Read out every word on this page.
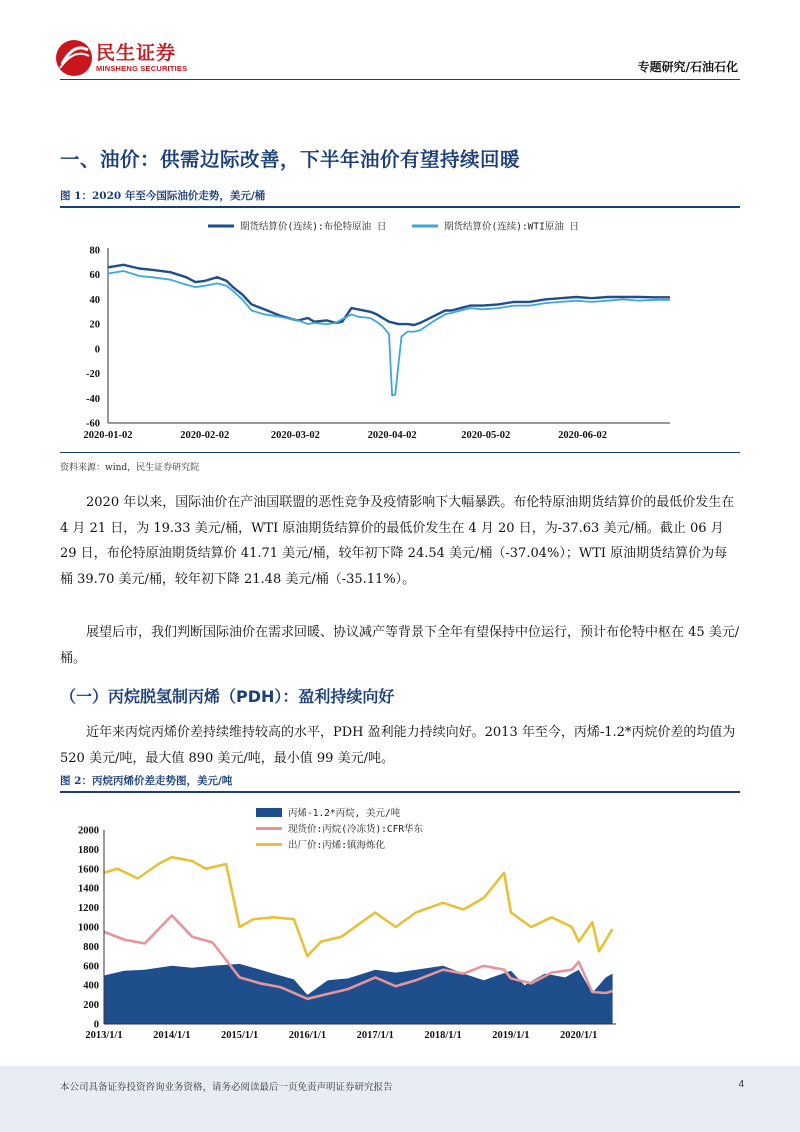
民生证券
MINSHENG SECURITIES	专题研究/石油石化
一、油价：供需边际改善，下半年油价有望持续回暖
图 1：2020 年至今国际油价走势，美元/桶
期货结算价(连续):布伦特原油 日	期货结算价(连续):WTI原油 日
80
60
40
20
0
-20
-40
-60
2020-01-02	2020-02-02	2020-03-02	2020-04-02	2020-05-02	2020-06-02
资料来源：wind，民生证券研究院
2020 年以来，国际油价在产油国联盟的恶性竞争及疫情影响下大幅暴跌。布伦特原油期货结算价的最低价发生在 4 月 21 日，为 19.33 美元/桶，WTI 原油期货结算价的最低价发生在 4 月 20 日，为-37.63 美元/桶。截止 06 月 29 日，布伦特原油期货结算价 41.71 美元/桶，较年初下降 24.54 美元/桶（-37.04%）；WTI 原油期货结算价为每桶 39.70 美元/桶，较年初下降 21.48 美元/桶（-35.11%）。
展望后市，我们判断国际油价在需求回暖、协议减产等背景下全年有望保持中位运行，预计布伦特中枢在 45 美元/桶。
（一）丙烷脱氢制丙烯（PDH）：盈利持续向好
近年来丙烷丙烯价差持续维持较高的水平，PDH 盈利能力持续向好。2013 年至今，丙烯-1.2*丙烷价差的均值为 520 美元/吨，最大值 890 美元/吨，最小值 99 美元/吨。
图 2：丙烷丙烯价差走势图，美元/吨
2000
1800
1600
1400
1200
1000
800
600
400
200
0
2013/1/1	2014/1/1	2015/1/1	2016/1/1	2017/1/1	2018/1/1	2019/1/1	2020/1/1
丙烯-1.2*丙烷, 美元/吨
现货价:丙烷(冷冻货):CFR华东
出厂价:丙烯:镇海炼化
本公司具备证券投资咨询业务资格，请务必阅读最后一页免责声明证券研究报告	4
